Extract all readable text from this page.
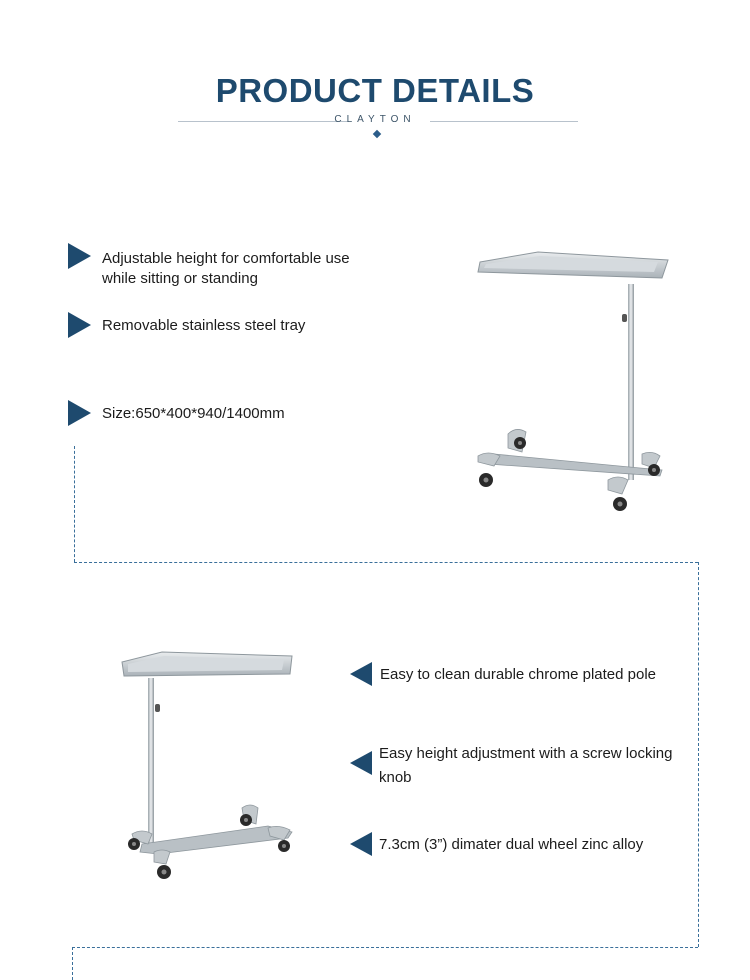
PRODUCT DETAILS
CLAYTON
Adjustable height for comfortable use
while sitting or standing
Removable stainless steel tray
Size:650*400*940/1400mm
Easy to clean durable chrome plated pole
Easy height adjustment with a screw locking
knob
7.3cm (3”) dimater dual wheel zinc alloy
